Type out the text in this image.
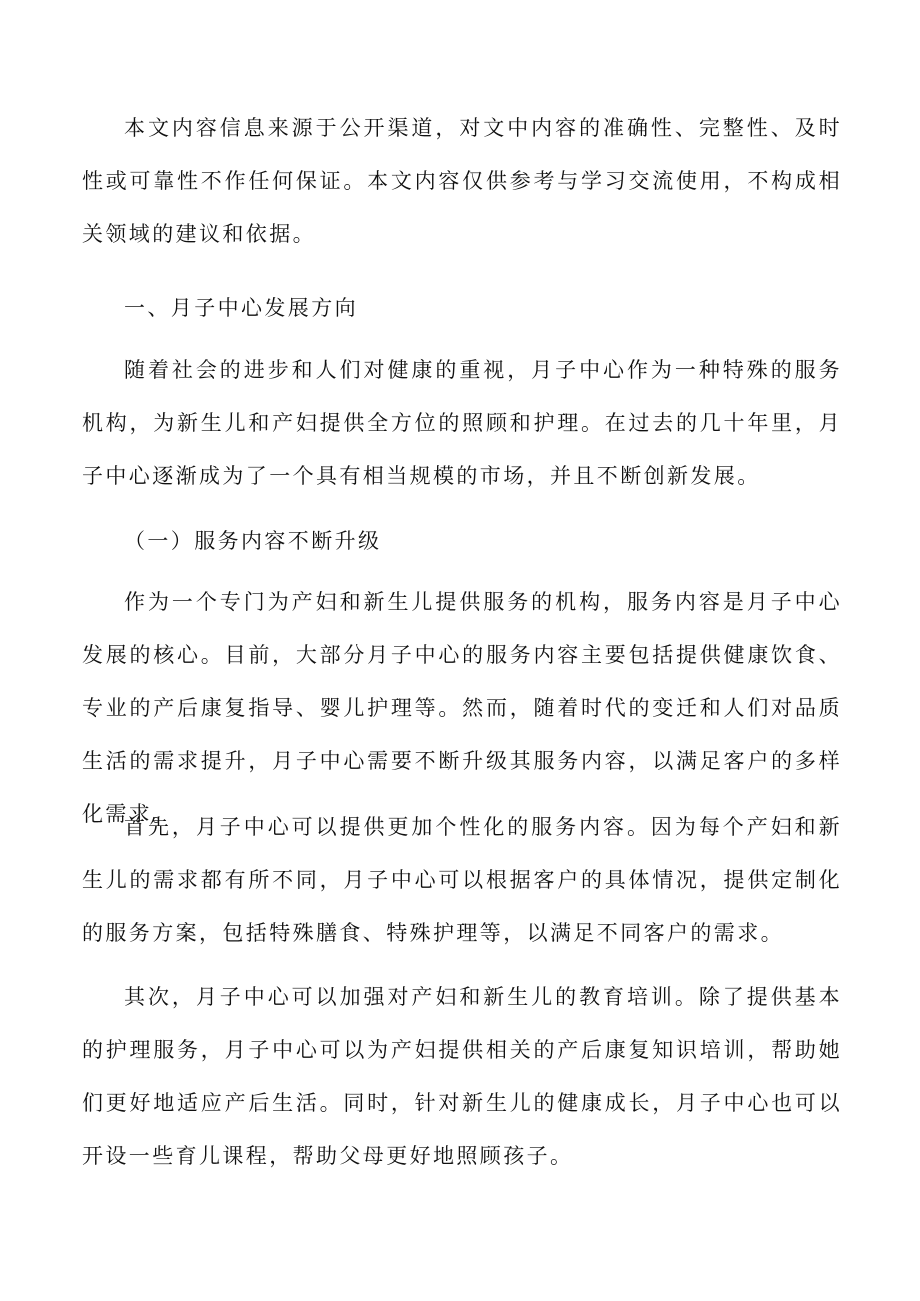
本文内容信息来源于公开渠道，对文中内容的准确性、完整性、及时性或可靠性不作任何保证。本文内容仅供参考与学习交流使用，不构成相关领域的建议和依据。

一、月子中心发展方向

随着社会的进步和人们对健康的重视，月子中心作为一种特殊的服务机构，为新生儿和产妇提供全方位的照顾和护理。在过去的几十年里，月子中心逐渐成为了一个具有相当规模的市场，并且不断创新发展。

（一）服务内容不断升级

作为一个专门为产妇和新生儿提供服务的机构，服务内容是月子中心发展的核心。目前，大部分月子中心的服务内容主要包括提供健康饮食、专业的产后康复指导、婴儿护理等。然而，随着时代的变迁和人们对品质生活的需求提升，月子中心需要不断升级其服务内容，以满足客户的多样化需求。

首先，月子中心可以提供更加个性化的服务内容。因为每个产妇和新生儿的需求都有所不同，月子中心可以根据客户的具体情况，提供定制化的服务方案，包括特殊膳食、特殊护理等，以满足不同客户的需求。

其次，月子中心可以加强对产妇和新生儿的教育培训。除了提供基本的护理服务，月子中心可以为产妇提供相关的产后康复知识培训，帮助她们更好地适应产后生活。同时，针对新生儿的健康成长，月子中心也可以开设一些育儿课程，帮助父母更好地照顾孩子。
